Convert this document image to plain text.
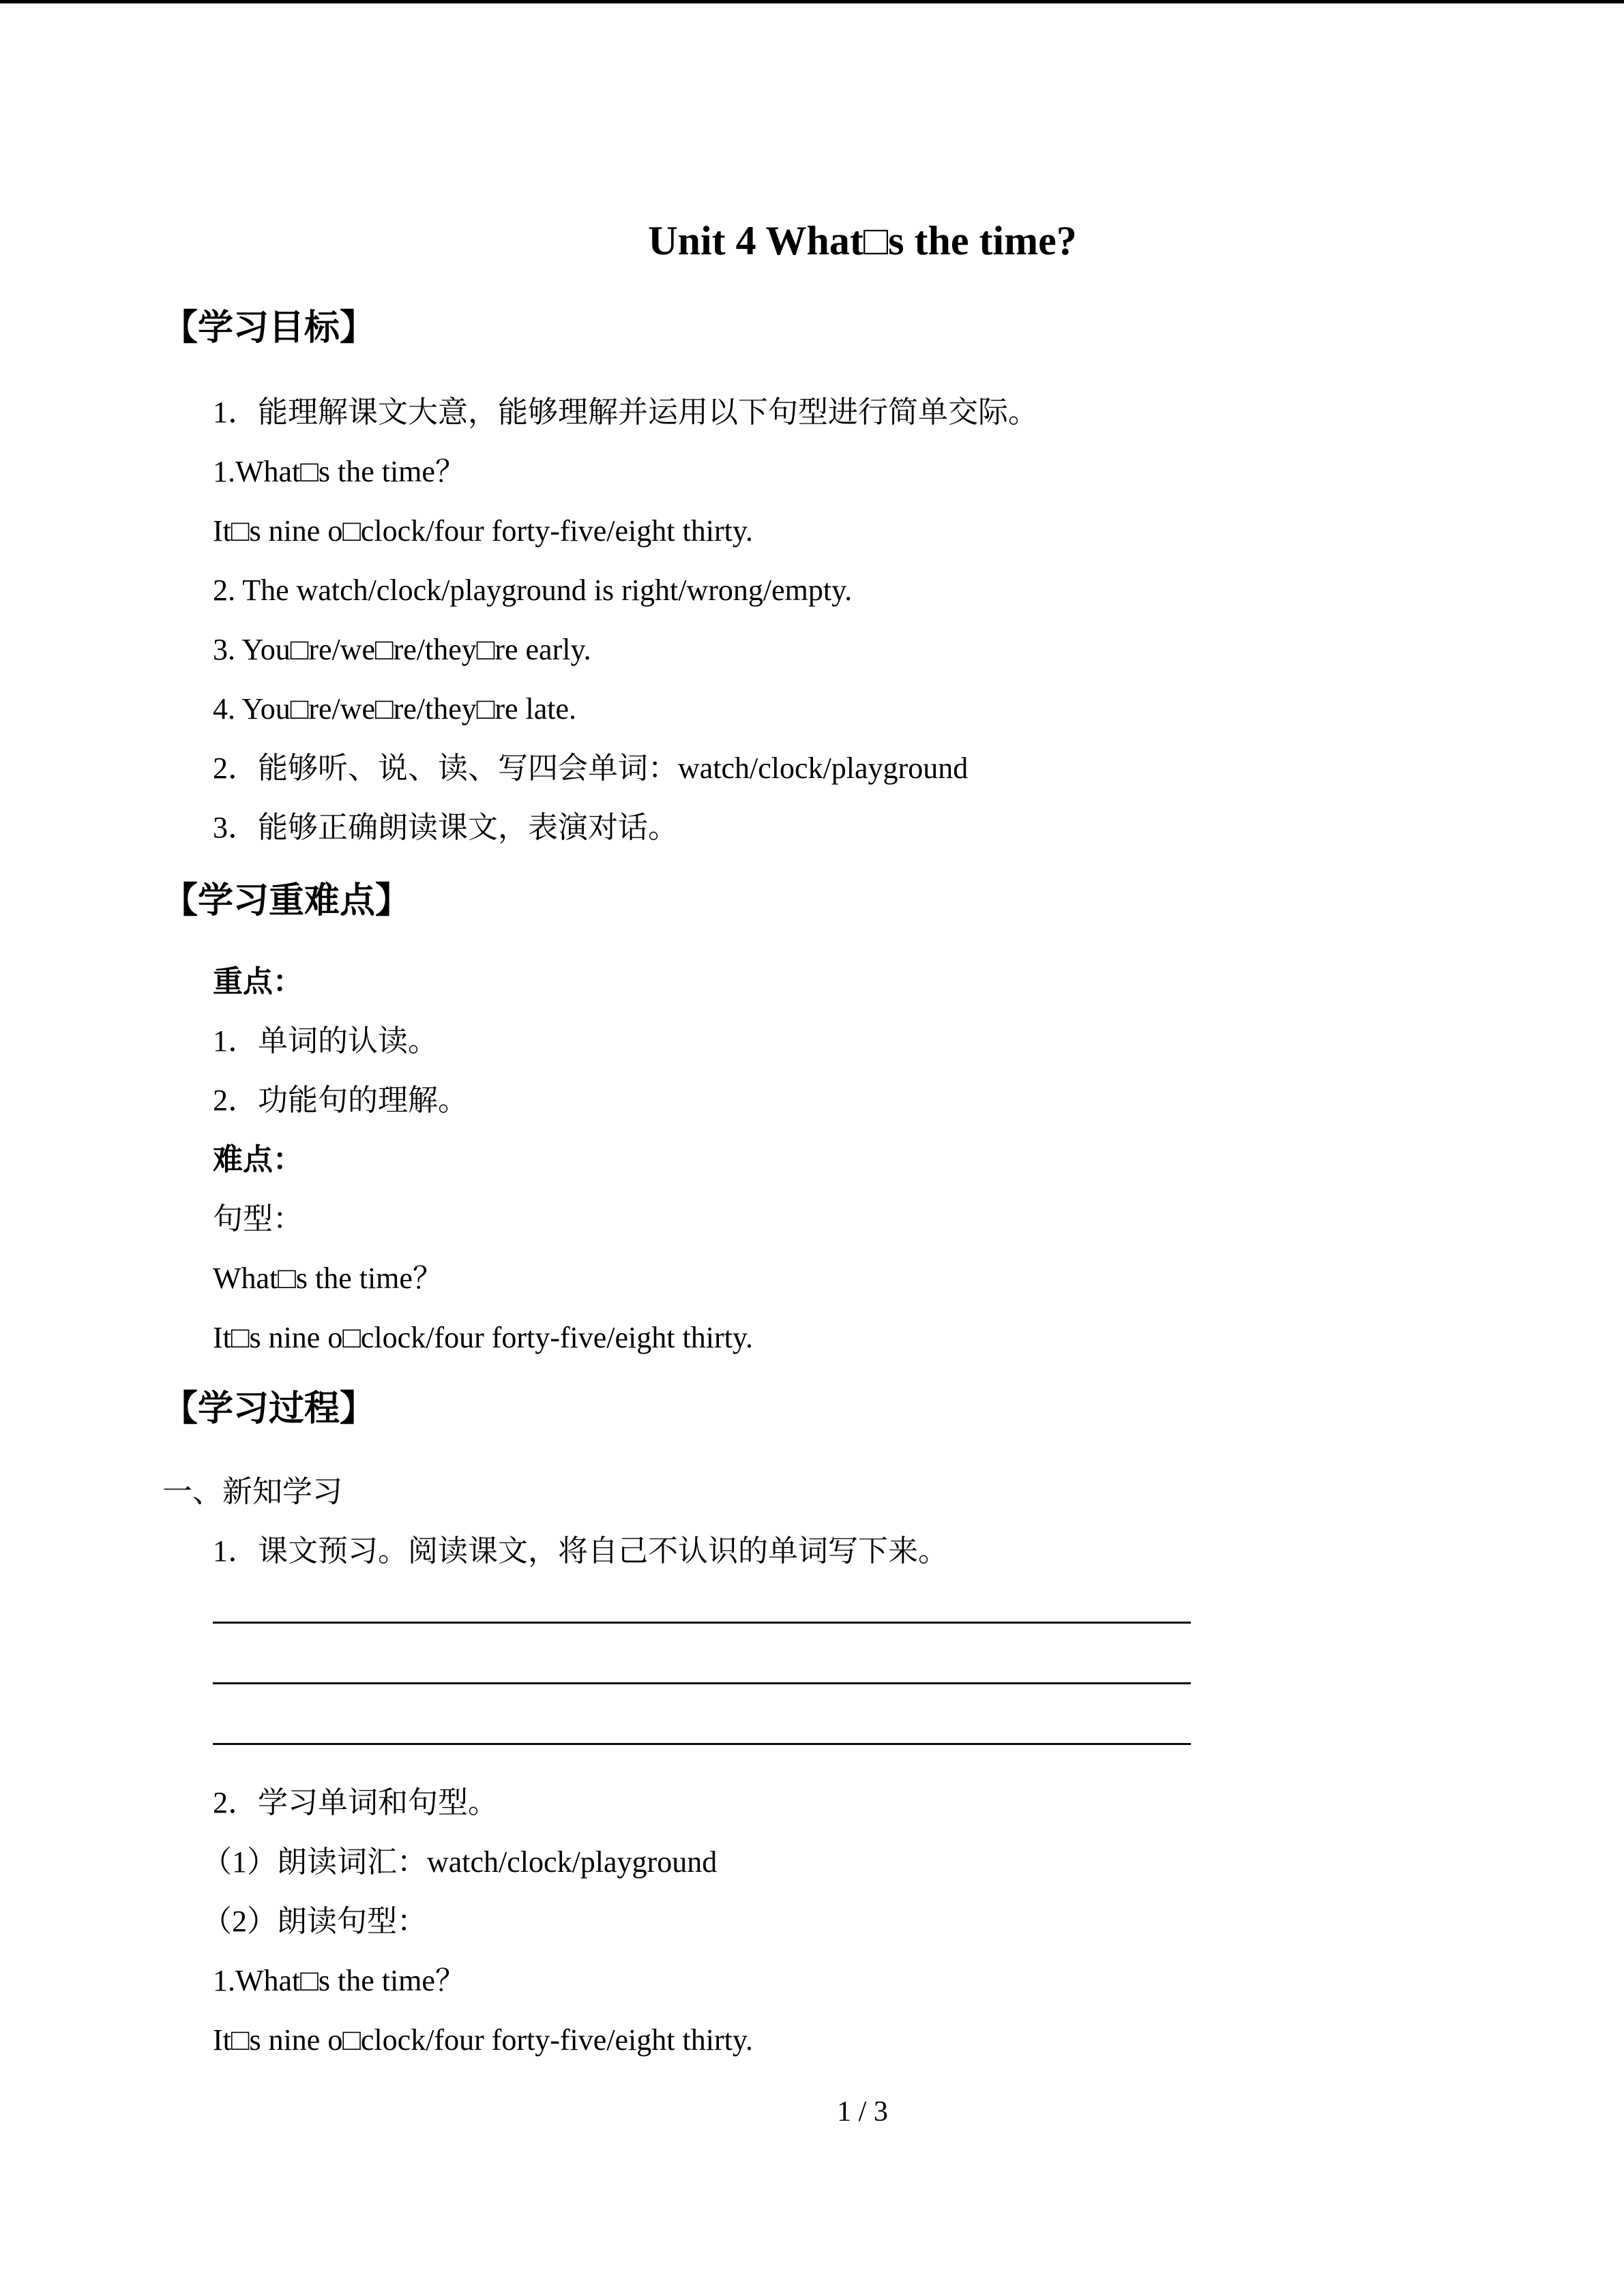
Unit 4 What□s the time?
【学习目标】

1．能理解课文大意，能够理解并运用以下句型进行简单交际。

1.What□s the time？

It□s nine o□clock/four forty-five/eight thirty.

2. The watch/clock/playground is right/wrong/empty.

3. You□re/we□re/they□re early.

4. You□re/we□re/they□re late.

2．能够听、说、读、写四会单词：watch/clock/playground

3．能够正确朗读课文，表演对话。

【学习重难点】

重点：

1．单词的认读。

2．功能句的理解。

难点：

句型：

What□s the time？

It□s nine o□clock/four forty-five/eight thirty.

【学习过程】

一、新知学习

1．课文预习。阅读课文，将自己不认识的单词写下来。

2．学习单词和句型。

（1）朗读词汇：watch/clock/playground

（2）朗读句型：

1.What□s the time？

It□s nine o□clock/four forty-five/eight thirty.

1 / 3
